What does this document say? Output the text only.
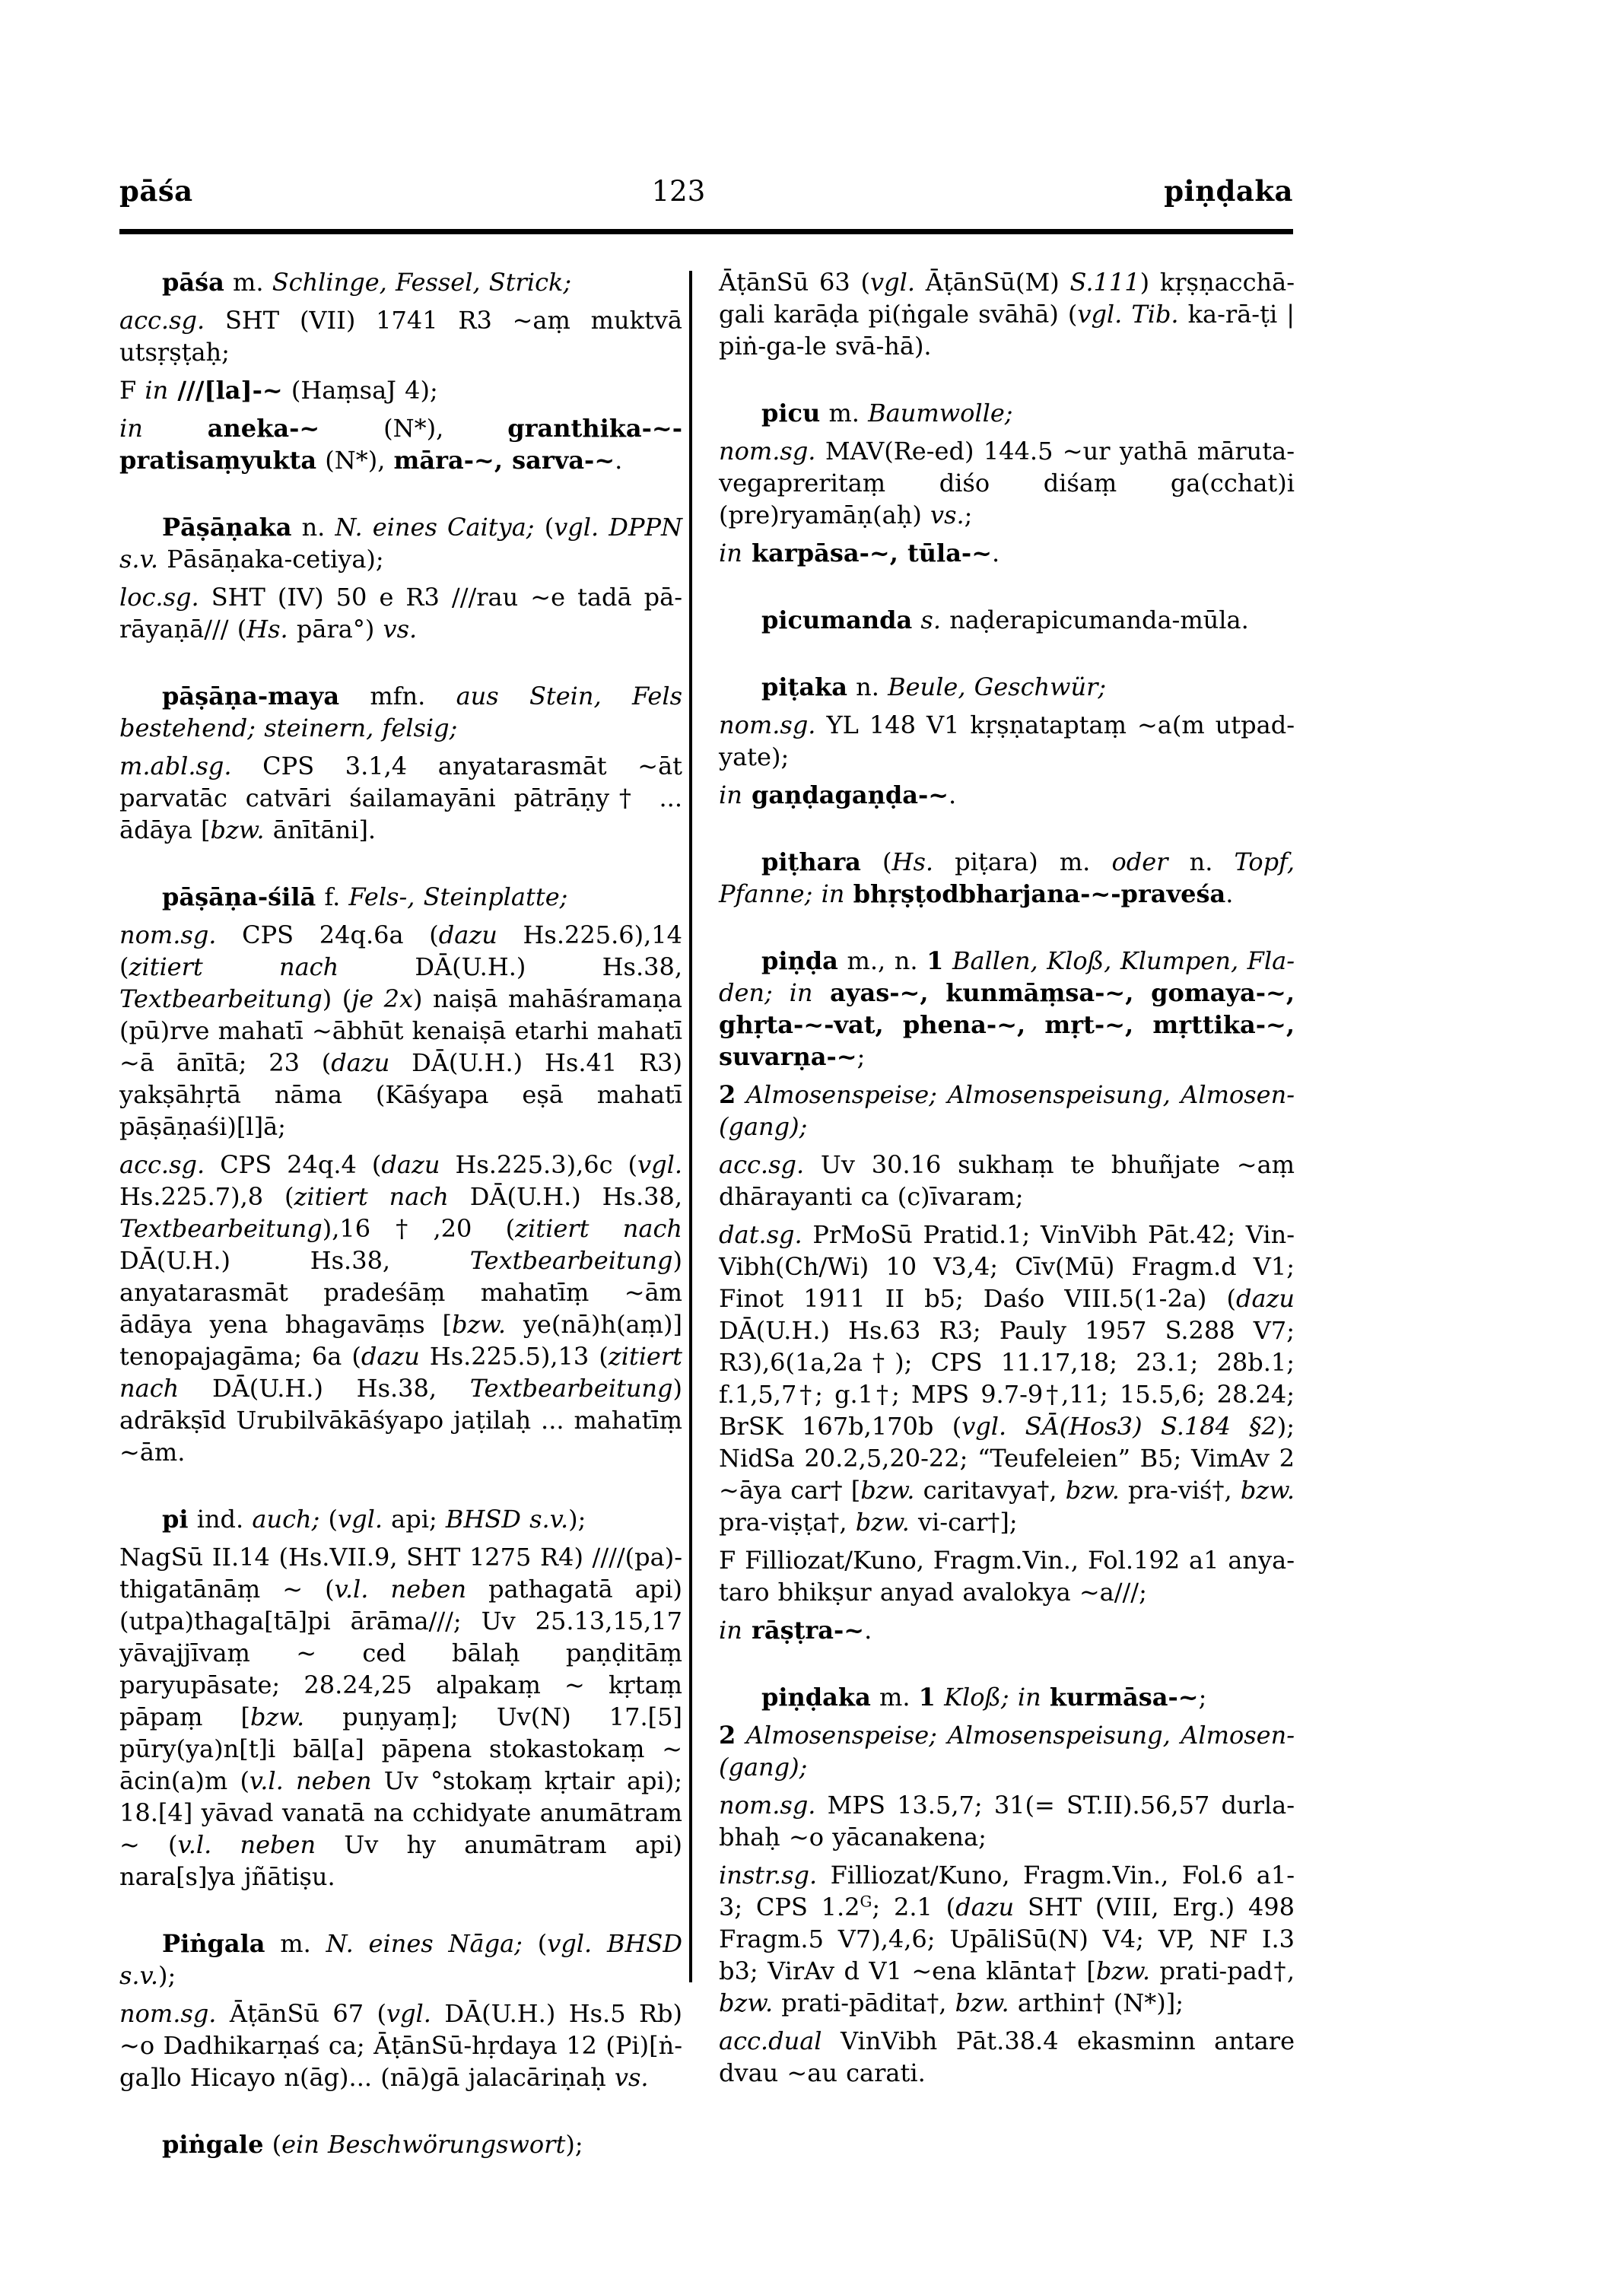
pāśa	123	piṇḍaka

pāśa m. Schlinge, Fessel, Strick;

acc.sg. SHT (VII) 1741 R3 ~aṃ muktvā utsṛṣṭaḥ;

F in ///[la]-~ (HaṃsaJ 4);

in aneka-~ (N*), granthika-~-pratisaṃyukta (N*), māra-~, sarva-~.

Pāṣāṇaka n. N. eines Caitya; (vgl. DPPN s.v. Pāsāṇaka-cetiya);

loc.sg. SHT (IV) 50 e R3 ///rau ~e tadā pārāyaṇā/// (Hs. pāra°) vs.

pāṣāṇa-maya mfn. aus Stein, Fels bestehend; steinern, felsig;

m.abl.sg. CPS 3.1,4 anyatarasmāt ~āt parvatāc catvāri śailamayāni pātrāṇy† ... ādāya [bzw. ānītāni].

pāṣāṇa-śilā f. Fels-, Steinplatte;

nom.sg. CPS 24q.6a (dazu Hs.225.6),14 (zitiert nach DĀ(U.H.) Hs.38, Textbearbeitung) (je 2x) naiṣā mahāśramaṇa (pū)rve mahatī ~ābhūt kenaiṣā etarhi mahatī ~ā ānītā; 23 (dazu DĀ(U.H.) Hs.41 R3) yakṣāhṛtā nāma (Kāśyapa eṣā mahatī pāṣāṇaśi)[l]ā;

acc.sg. CPS 24q.4 (dazu Hs.225.3),6c (vgl. Hs.225.7),8 (zitiert nach DĀ(U.H.) Hs.38, Textbearbeitung),16†,20 (zitiert nach DĀ(U.H.) Hs.38, Textbearbeitung) anyatarasmāt pradeśāṃ mahatīṃ ~ām ādāya yena bhagavāṃs [bzw. ye(nā)h(aṃ)] tenopajagāma; 6a (dazu Hs.225.5),13 (zitiert nach DĀ(U.H.) Hs.38, Textbearbeitung) adrākṣīd Urubilvākāśyapo jaṭilaḥ ... mahatīṃ ~ām.

pi ind. auch; (vgl. api; BHSD s.v.);

NagSū II.14 (Hs.VII.9, SHT 1275 R4) ////(pa)thigatānāṃ ~ (v.l. neben pathagatā api) (utpa)thaga[tā]pi ārāma///; Uv 25.13,15,17 yāvajjīvaṃ ~ ced bālaḥ paṇḍitāṃ paryupāsate; 28.24,25 alpakaṃ ~ kṛtaṃ pāpaṃ [bzw. puṇyaṃ]; Uv(N) 17.[5] pūry(ya)n[t]i bāl[a] pāpena stokastokaṃ ~ ācin(a)m (v.l. neben Uv °stokaṃ kṛtair api); 18.[4] yāvad vanatā na cchidyate anumātram ~ (v.l. neben Uv hy anumātram api) nara[s]ya jñātiṣu.

Piṅgala m. N. eines Nāga; (vgl. BHSD s.v.);

nom.sg. ĀṭānSū 67 (vgl. DĀ(U.H.) Hs.5 Rb) ~o Dadhikarṇaś ca; ĀṭānSū-hṛdaya 12 (Pi)[ṅga]lo Hicayo n(āg)... (nā)gā jalacāriṇaḥ vs.

piṅgale (ein Beschwörungswort);

ĀṭānSū 63 (vgl. ĀṭānSū(M) S.111) kṛṣṇacchāgali karāḍa pi(ṅgale svāhā) (vgl. Tib. ka-rā-ṭi | piṅ-ga-le svā-hā).

picu m. Baumwolle;

nom.sg. MAV(Re-ed) 144.5 ~ur yathā mārutavegapreritaṃ diśo diśaṃ ga(cchat)i (pre)ryamāṇ(aḥ) vs.;

in karpāsa-~, tūla-~.

picumanda s. naḍerapicumanda-mūla.

piṭaka n. Beule, Geschwür;

nom.sg. YL 148 V1 kṛṣṇataptaṃ ~a(m utpadyate);

in gaṇḍagaṇḍa-~.

piṭhara (Hs. piṭara) m. oder n. Topf, Pfanne; in bhṛṣṭodbharjana-~-praveśa.

piṇḍa m., n. 1 Ballen, Kloß, Klumpen, Fladen; in ayas-~, kunmāṃsa-~, gomaya-~, ghṛta-~-vat, phena-~, mṛt-~, mṛttika-~, suvarṇa-~;

2 Almosenspeise; Almosenspeisung, Almosen(gang);

acc.sg. Uv 30.16 sukhaṃ te bhuñjate ~aṃ dhārayanti ca (c)īvaram;

dat.sg. PrMoSū Pratid.1; VinVibh Pāt.42; VinVibh(Ch/Wi) 10 V3,4; Cīv(Mū) Fragm.d V1; Finot 1911 II b5; Daśo VIII.5(1-2a) (dazu DĀ(U.H.) Hs.63 R3; Pauly 1957 S.288 V7; R3),6(1a,2a†); CPS 11.17,18; 23.1; 28b.1; f.1,5,7†; g.1†; MPS 9.7-9†,11; 15.5,6; 28.24; BrSK 167b,170b (vgl. SĀ(Hos3) S.184 §2); NidSa 20.2,5,20-22; “Teufeleien” B5; VimAv 2 ~āya car† [bzw. caritavya†, bzw. pra-viś†, bzw. pra-viṣṭa†, bzw. vi-car†];

F Filliozat/Kuno, Fragm.Vin., Fol.192 a1 anyataro bhikṣur anyad avalokya ~a///;

in rāṣṭra-~.

piṇḍaka m. 1 Kloß; in kurmāsa-~;

2 Almosenspeise; Almosenspeisung, Almosen(gang);

nom.sg. MPS 13.5,7; 31(= ST.II).56,57 durlabhaḥ ~o yācanakena;

instr.sg. Filliozat/Kuno, Fragm.Vin., Fol.6 a1-3; CPS $1.2^G$; 2.1 (dazu SHT (VIII, Erg.) 498 Fragm.5 V7),4,6; UpāliSū(N) V4; VP, NF I.3 b3; VirAv d V1 ~ena klānta† [bzw. prati-pad†, bzw. prati-pādita†, bzw. arthin† (N*)];

acc.dual VinVibh Pāt.38.4 ekasminn antare dvau ~au carati.
